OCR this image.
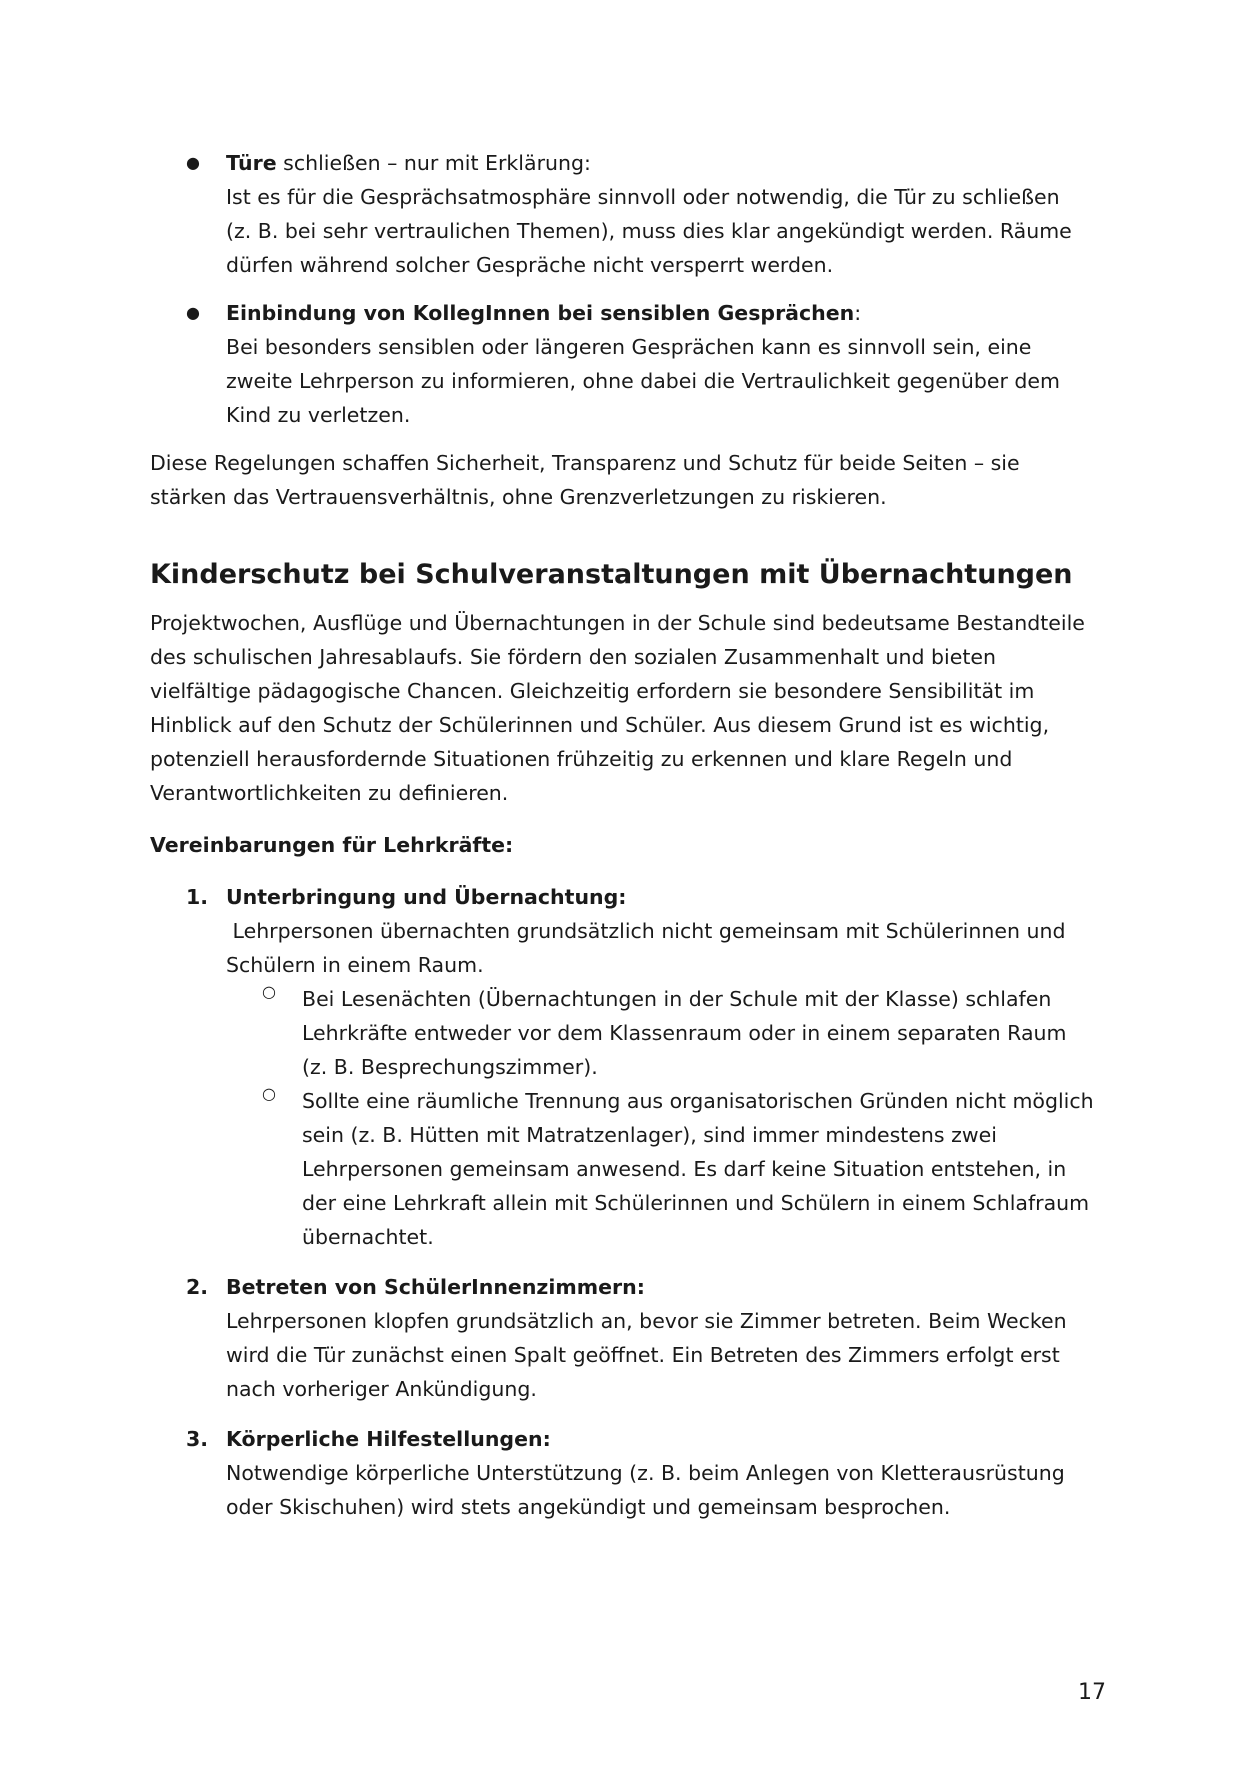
● Türe schließen – nur mit Erklärung:

Ist es für die Gesprächsatmosphäre sinnvoll oder notwendig, die Tür zu schließen

(z. B. bei sehr vertraulichen Themen), muss dies klar angekündigt werden. Räume

dürfen während solcher Gespräche nicht versperrt werden.

● Einbindung von KollegInnen bei sensiblen Gesprächen:

Bei besonders sensiblen oder längeren Gesprächen kann es sinnvoll sein, eine

zweite Lehrperson zu informieren, ohne dabei die Vertraulichkeit gegenüber dem

Kind zu verletzen.

Diese Regelungen schaffen Sicherheit, Transparenz und Schutz für beide Seiten – sie

stärken das Vertrauensverhältnis, ohne Grenzverletzungen zu riskieren.

Kinderschutz bei Schulveranstaltungen mit Übernachtungen

Projektwochen, Ausflüge und Übernachtungen in der Schule sind bedeutsame Bestandteile

des schulischen Jahresablaufs. Sie fördern den sozialen Zusammenhalt und bieten

vielfältige pädagogische Chancen. Gleichzeitig erfordern sie besondere Sensibilität im

Hinblick auf den Schutz der Schülerinnen und Schüler. Aus diesem Grund ist es wichtig,

potenziell herausfordernde Situationen frühzeitig zu erkennen und klare Regeln und

Verantwortlichkeiten zu definieren.

Vereinbarungen für Lehrkräfte:

1. Unterbringung und Übernachtung:

Lehrpersonen übernachten grundsätzlich nicht gemeinsam mit Schülerinnen und

Schülern in einem Raum.

○ Bei Lesenächten (Übernachtungen in der Schule mit der Klasse) schlafen

Lehrkräfte entweder vor dem Klassenraum oder in einem separaten Raum

(z. B. Besprechungszimmer).

○ Sollte eine räumliche Trennung aus organisatorischen Gründen nicht möglich

sein (z. B. Hütten mit Matratzenlager), sind immer mindestens zwei

Lehrpersonen gemeinsam anwesend. Es darf keine Situation entstehen, in

der eine Lehrkraft allein mit Schülerinnen und Schülern in einem Schlafraum

übernachtet.

2. Betreten von SchülerInnenzimmern:

Lehrpersonen klopfen grundsätzlich an, bevor sie Zimmer betreten. Beim Wecken

wird die Tür zunächst einen Spalt geöffnet. Ein Betreten des Zimmers erfolgt erst

nach vorheriger Ankündigung.

3. Körperliche Hilfestellungen:

Notwendige körperliche Unterstützung (z. B. beim Anlegen von Kletterausrüstung

oder Skischuhen) wird stets angekündigt und gemeinsam besprochen.

17
